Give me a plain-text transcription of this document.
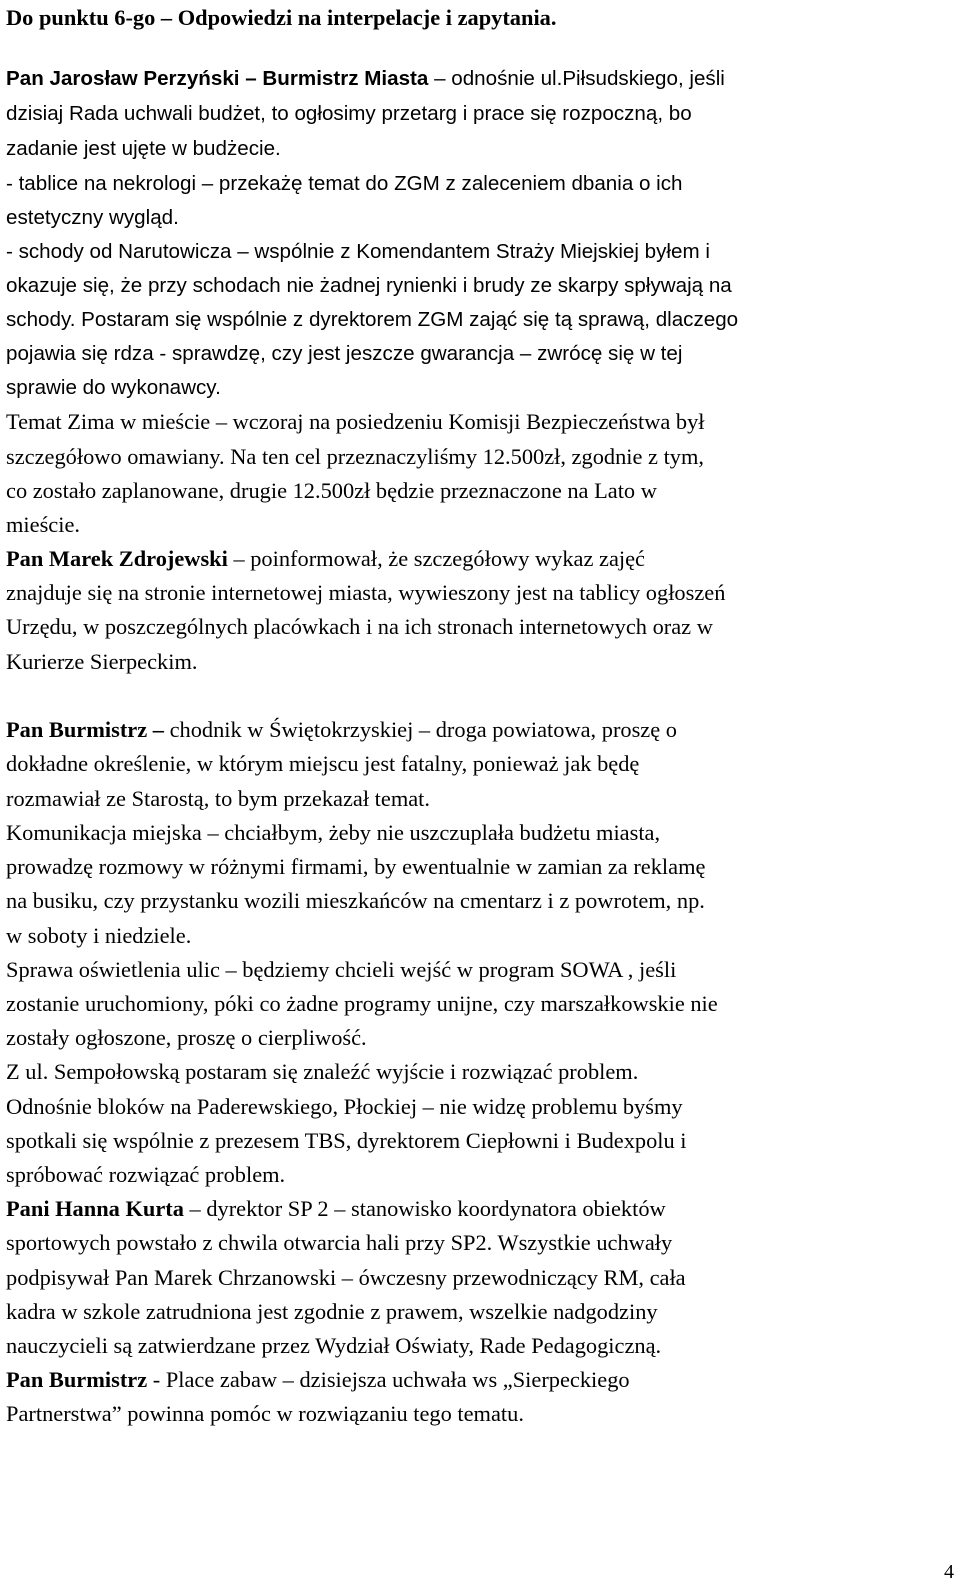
Do punktu 6-go – Odpowiedzi na interpelacje i zapytania.
Pan Jarosław Perzyński – Burmistrz Miasta – odnośnie ul.Piłsudskiego, jeśli
dzisiaj Rada uchwali budżet, to ogłosimy przetarg i prace się rozpoczną, bo
zadanie jest ujęte w budżecie.
- tablice na nekrologi – przekażę temat do ZGM z zaleceniem dbania o ich
estetyczny wygląd.
- schody od Narutowicza – wspólnie z Komendantem Straży Miejskiej byłem i
okazuje się, że przy schodach nie żadnej rynienki i brudy ze skarpy spływają na
schody. Postaram się wspólnie z dyrektorem ZGM zająć się tą sprawą, dlaczego
pojawia się rdza - sprawdzę, czy jest jeszcze gwarancja – zwrócę się w tej
sprawie do wykonawcy.
Temat Zima w mieście – wczoraj na posiedzeniu Komisji Bezpieczeństwa był
szczegółowo omawiany. Na ten cel przeznaczyliśmy 12.500zł, zgodnie z tym,
co zostało zaplanowane, drugie 12.500zł będzie przeznaczone na Lato w
mieście.
Pan Marek Zdrojewski – poinformował, że szczegółowy wykaz zajęć
znajduje się na stronie internetowej miasta, wywieszony jest na tablicy ogłoszeń
Urzędu, w poszczególnych placówkach i na ich stronach internetowych oraz w
Kurierze Sierpeckim.
Pan Burmistrz – chodnik w Świętokrzyskiej – droga powiatowa, proszę o
dokładne określenie, w którym miejscu jest fatalny, ponieważ jak będę
rozmawiał ze Starostą, to bym przekazał temat.
Komunikacja miejska – chciałbym, żeby nie uszczuplała budżetu miasta,
prowadzę rozmowy w różnymi firmami, by ewentualnie w zamian za reklamę
na busiku, czy przystanku wozili mieszkańców na cmentarz i z powrotem, np.
w soboty i niedziele.
Sprawa oświetlenia ulic – będziemy chcieli wejść w program SOWA , jeśli
zostanie uruchomiony, póki co żadne programy unijne, czy marszałkowskie nie
zostały ogłoszone, proszę o cierpliwość.
Z ul. Sempołowską postaram się znaleźć wyjście i rozwiązać problem.
Odnośnie bloków na Paderewskiego, Płockiej – nie widzę problemu byśmy
spotkali się wspólnie z prezesem TBS, dyrektorem Ciepłowni i Budexpolu i
spróbować rozwiązać problem.
Pani Hanna Kurta – dyrektor SP 2 – stanowisko koordynatora obiektów
sportowych powstało z chwila otwarcia hali przy SP2. Wszystkie uchwały
podpisywał Pan Marek Chrzanowski – ówczesny przewodniczący RM, cała
kadra w szkole zatrudniona jest zgodnie z prawem, wszelkie nadgodziny
nauczycieli są zatwierdzane przez Wydział Oświaty, Rade Pedagogiczną.
Pan Burmistrz - Place zabaw – dzisiejsza uchwała ws „Sierpeckiego
Partnerstwa” powinna pomóc w rozwiązaniu tego tematu.
4
